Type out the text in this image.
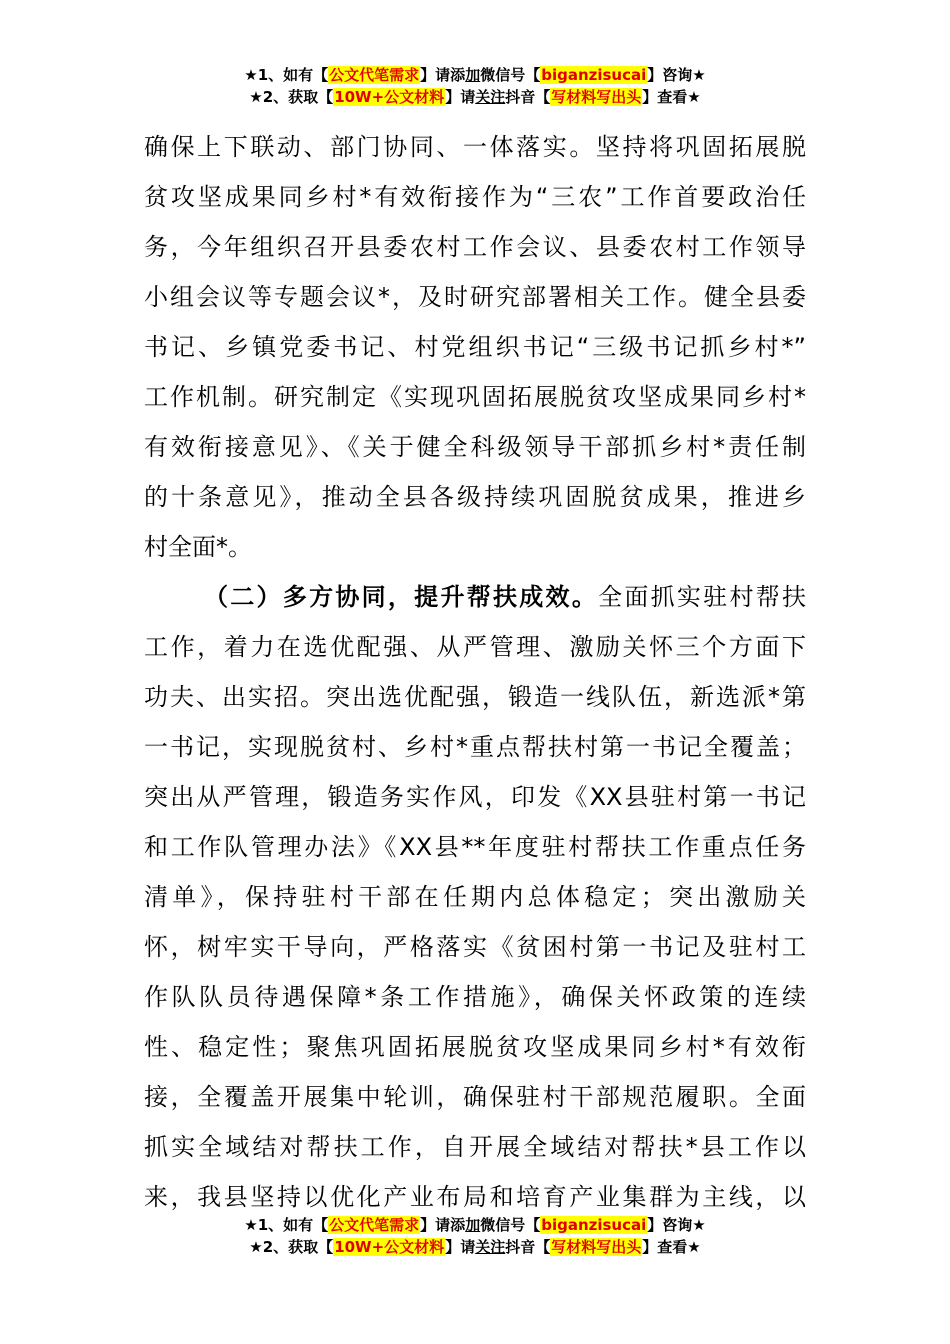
★1、如有【公文代笔需求】请添加微信号【biganzisucai】咨询★
★2、获取【10W+公文材料】请关注抖音【写材料写出头】查看★
确保上下联动、部门协同、一体落实。坚持将巩固拓展脱
贫攻坚成果同乡村*有效衔接作为“三农”工作首要政治任
务，今年组织召开县委农村工作会议、县委农村工作领导
小组会议等专题会议*，及时研究部署相关工作。健全县委
书记、乡镇党委书记、村党组织书记“三级书记抓乡村*”
工作机制。研究制定《实现巩固拓展脱贫攻坚成果同乡村*
有效衔接意见》、《关于健全科级领导干部抓乡村*责任制
的十条意见》，推动全县各级持续巩固脱贫成果，推进乡
村全面*。
（二）多方协同，提升帮扶成效。全面抓实驻村帮扶
工作，着力在选优配强、从严管理、激励关怀三个方面下
功夫、出实招。突出选优配强，锻造一线队伍，新选派*第
一书记，实现脱贫村、乡村*重点帮扶村第一书记全覆盖；
突出从严管理，锻造务实作风，印发《XX县驻村第一书记
和工作队管理办法》《XX县**年度驻村帮扶工作重点任务
清单》，保持驻村干部在任期内总体稳定；突出激励关
怀，树牢实干导向，严格落实《贫困村第一书记及驻村工
作队队员待遇保障*条工作措施》，确保关怀政策的连续
性、稳定性；聚焦巩固拓展脱贫攻坚成果同乡村*有效衔
接，全覆盖开展集中轮训，确保驻村干部规范履职。全面
抓实全域结对帮扶工作，自开展全域结对帮扶*县工作以
来，我县坚持以优化产业布局和培育产业集群为主线，以
★1、如有【公文代笔需求】请添加微信号【biganzisucai】咨询★
★2、获取【10W+公文材料】请关注抖音【写材料写出头】查看★
